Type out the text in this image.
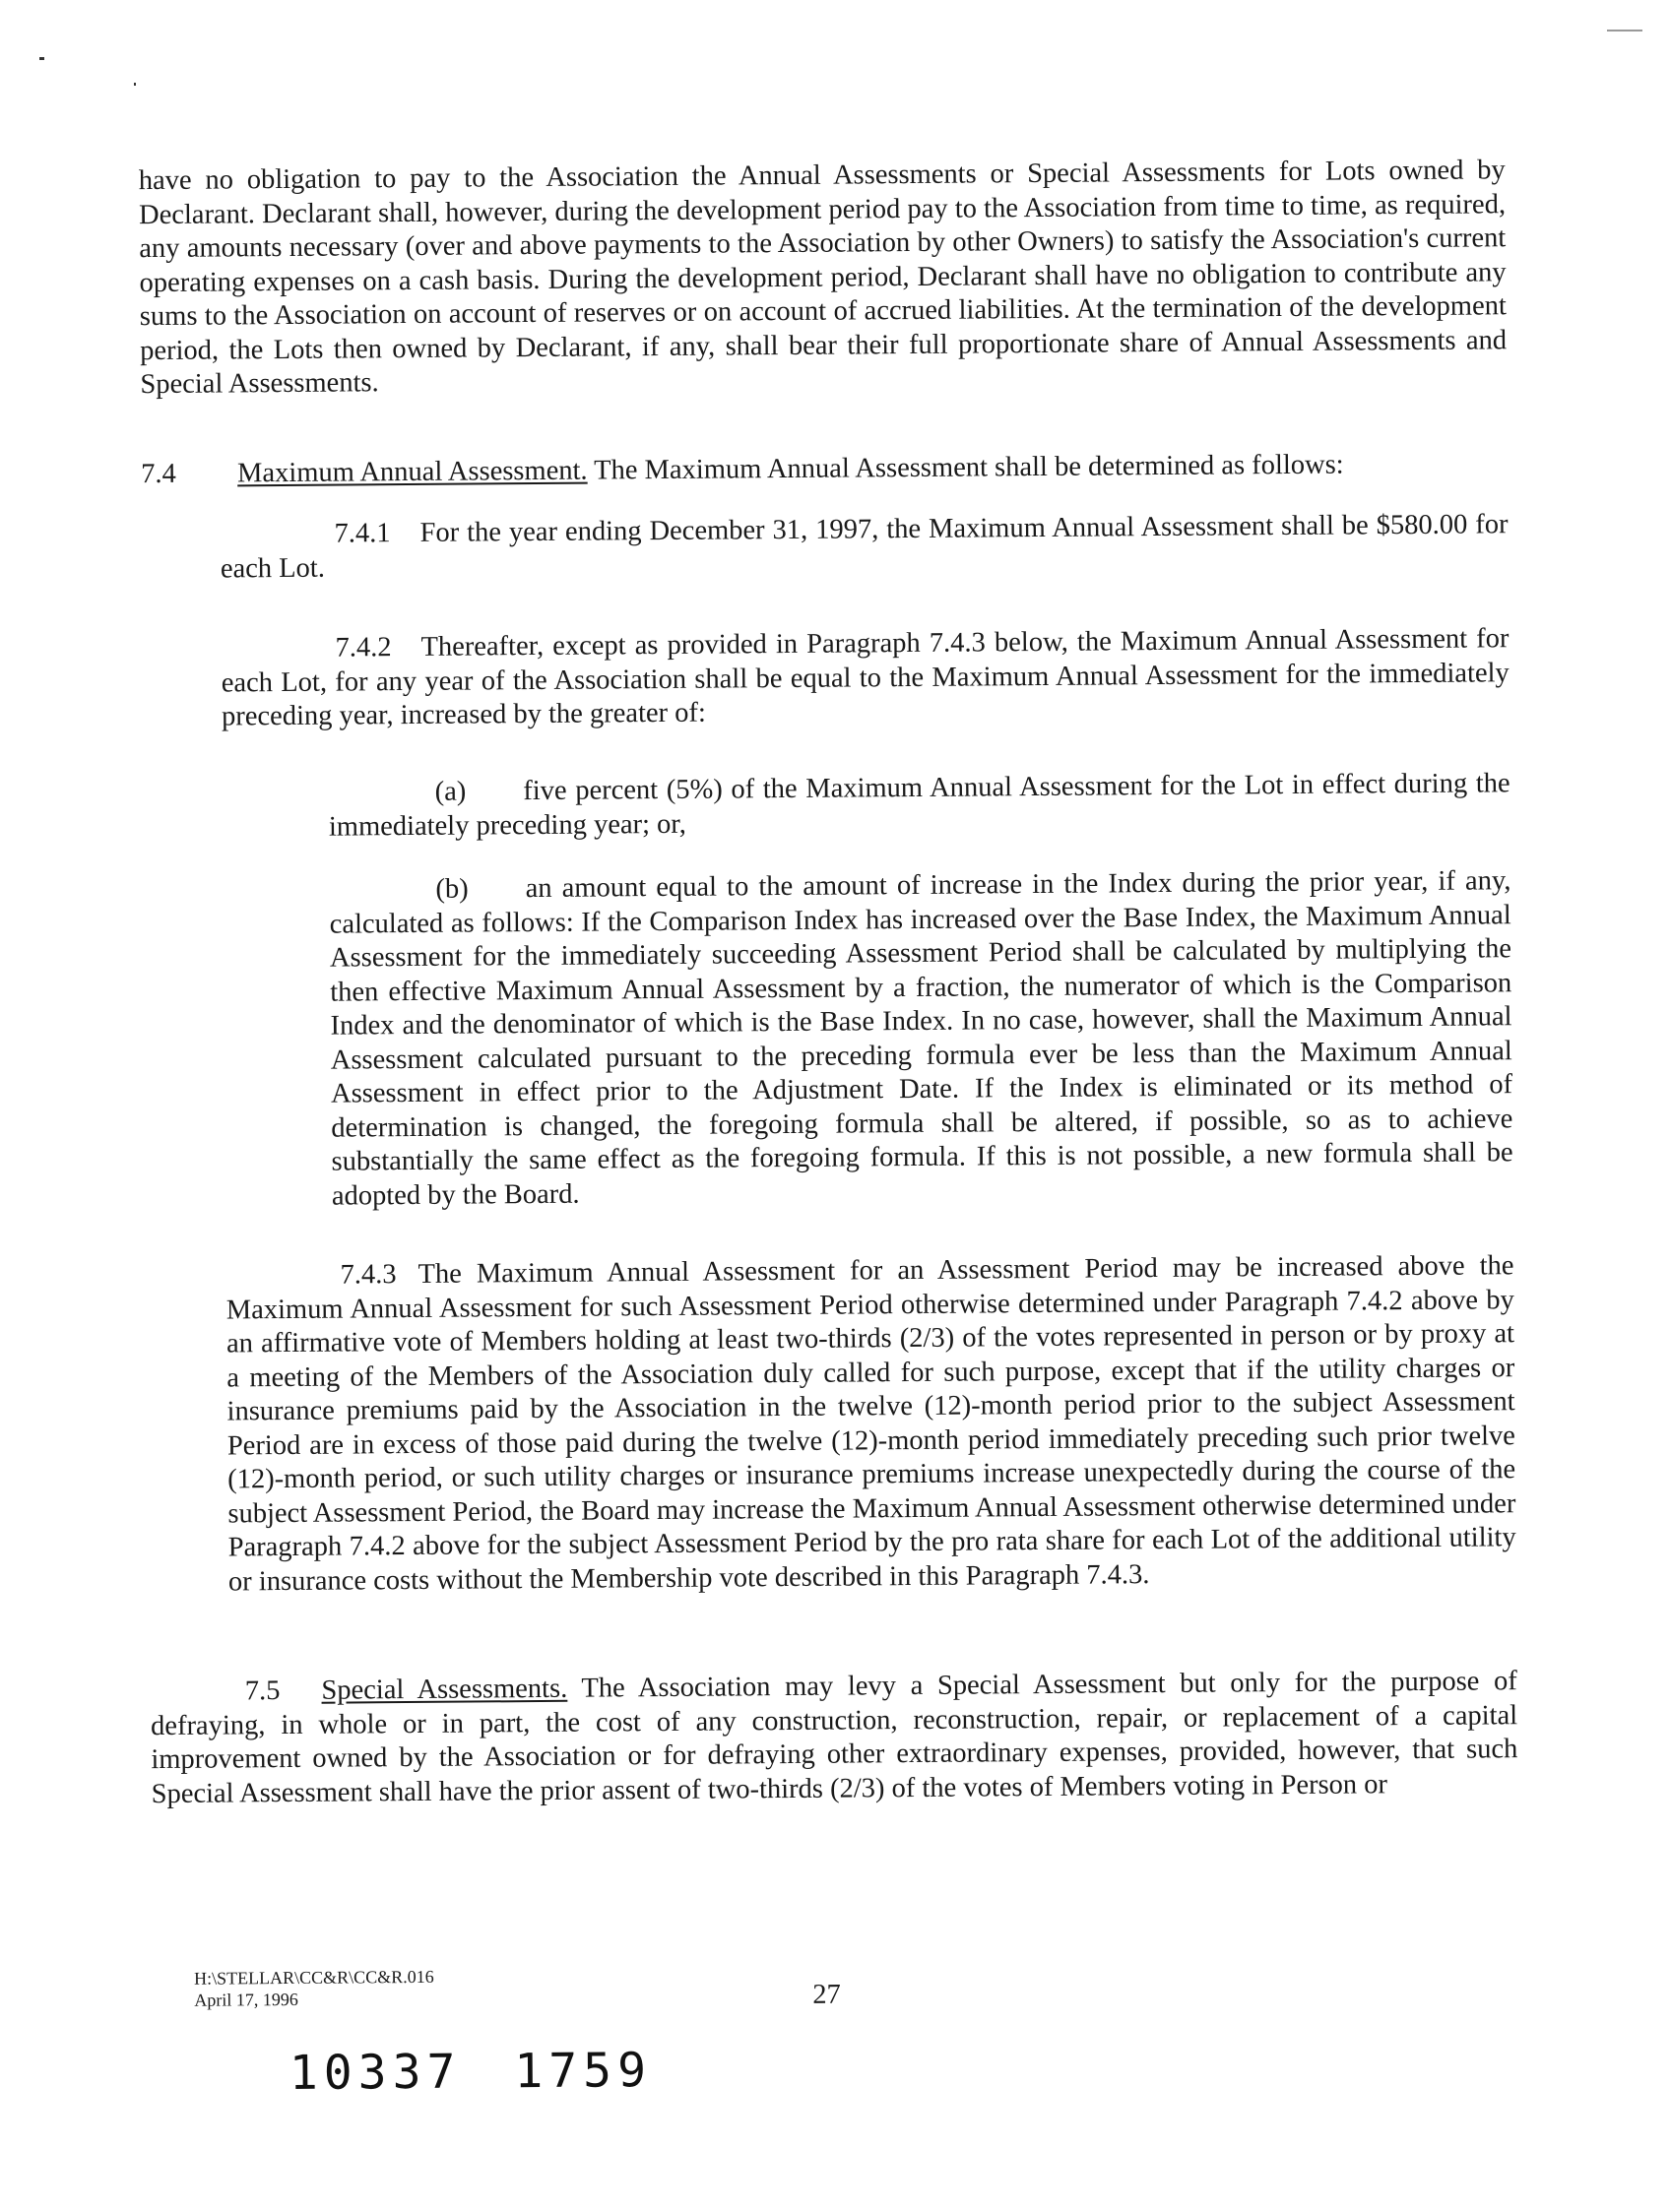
have no obligation to pay to the Association the Annual Assessments or Special Assessments for Lots owned by Declarant. Declarant shall, however, during the development period pay to the Association from time to time, as required, any amounts necessary (over and above payments to the Association by other Owners) to satisfy the Association's current operating expenses on a cash basis. During the development period, Declarant shall have no obligation to contribute any sums to the Association on account of reserves or on account of accrued liabilities. At the termination of the development period, the Lots then owned by Declarant, if any, shall bear their full proportionate share of Annual Assessments and Special Assessments.

7.4 Maximum Annual Assessment. The Maximum Annual Assessment shall be determined as follows:

7.4.1 For the year ending December 31, 1997, the Maximum Annual Assessment shall be $580.00 for each Lot.

7.4.2 Thereafter, except as provided in Paragraph 7.4.3 below, the Maximum Annual Assessment for each Lot, for any year of the Association shall be equal to the Maximum Annual Assessment for the immediately preceding year, increased by the greater of:

(a) five percent (5%) of the Maximum Annual Assessment for the Lot in effect during the immediately preceding year; or,

(b) an amount equal to the amount of increase in the Index during the prior year, if any, calculated as follows: If the Comparison Index has increased over the Base Index, the Maximum Annual Assessment for the immediately succeeding Assessment Period shall be calculated by multiplying the then effective Maximum Annual Assessment by a fraction, the numerator of which is the Comparison Index and the denominator of which is the Base Index. In no case, however, shall the Maximum Annual Assessment calculated pursuant to the preceding formula ever be less than the Maximum Annual Assessment in effect prior to the Adjustment Date. If the Index is eliminated or its method of determination is changed, the foregoing formula shall be altered, if possible, so as to achieve substantially the same effect as the foregoing formula. If this is not possible, a new formula shall be adopted by the Board.

7.4.3 The Maximum Annual Assessment for an Assessment Period may be increased above the Maximum Annual Assessment for such Assessment Period otherwise determined under Paragraph 7.4.2 above by an affirmative vote of Members holding at least two-thirds (2/3) of the votes represented in person or by proxy at a meeting of the Members of the Association duly called for such purpose, except that if the utility charges or insurance premiums paid by the Association in the twelve (12)-month period prior to the subject Assessment Period are in excess of those paid during the twelve (12)-month period immediately preceding such prior twelve (12)-month period, or such utility charges or insurance premiums increase unexpectedly during the course of the subject Assessment Period, the Board may increase the Maximum Annual Assessment otherwise determined under Paragraph 7.4.2 above for the subject Assessment Period by the pro rata share for each Lot of the additional utility or insurance costs without the Membership vote described in this Paragraph 7.4.3.

7.5 Special Assessments. The Association may levy a Special Assessment but only for the purpose of defraying, in whole or in part, the cost of any construction, reconstruction, repair, or replacement of a capital improvement owned by the Association or for defraying other extraordinary expenses, provided, however, that such Special Assessment shall have the prior assent of two-thirds (2/3) of the votes of Members voting in Person or

H:\STELLAR\CC&R\CC&R.016
April 17, 1996	27
10337 1759
